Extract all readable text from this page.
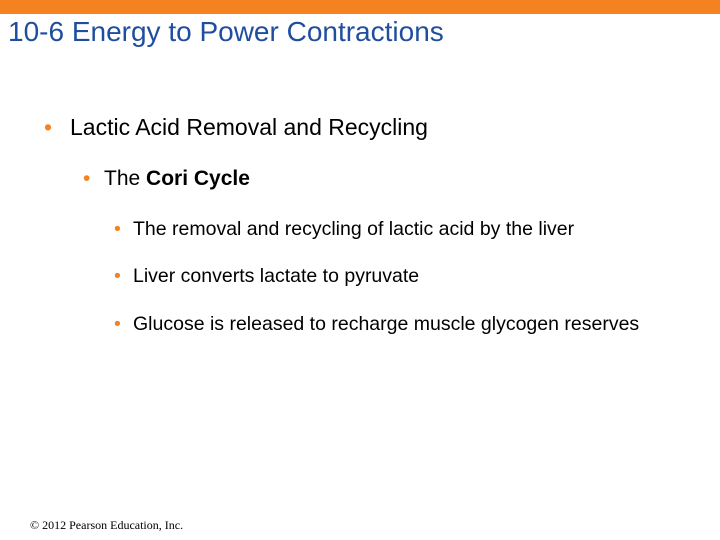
10-6 Energy to Power Contractions
• Lactic Acid Removal and Recycling
• The Cori Cycle
• The removal and recycling of lactic acid by the liver
• Liver converts lactate to pyruvate
• Glucose is released to recharge muscle glycogen reserves
© 2012 Pearson Education, Inc.
